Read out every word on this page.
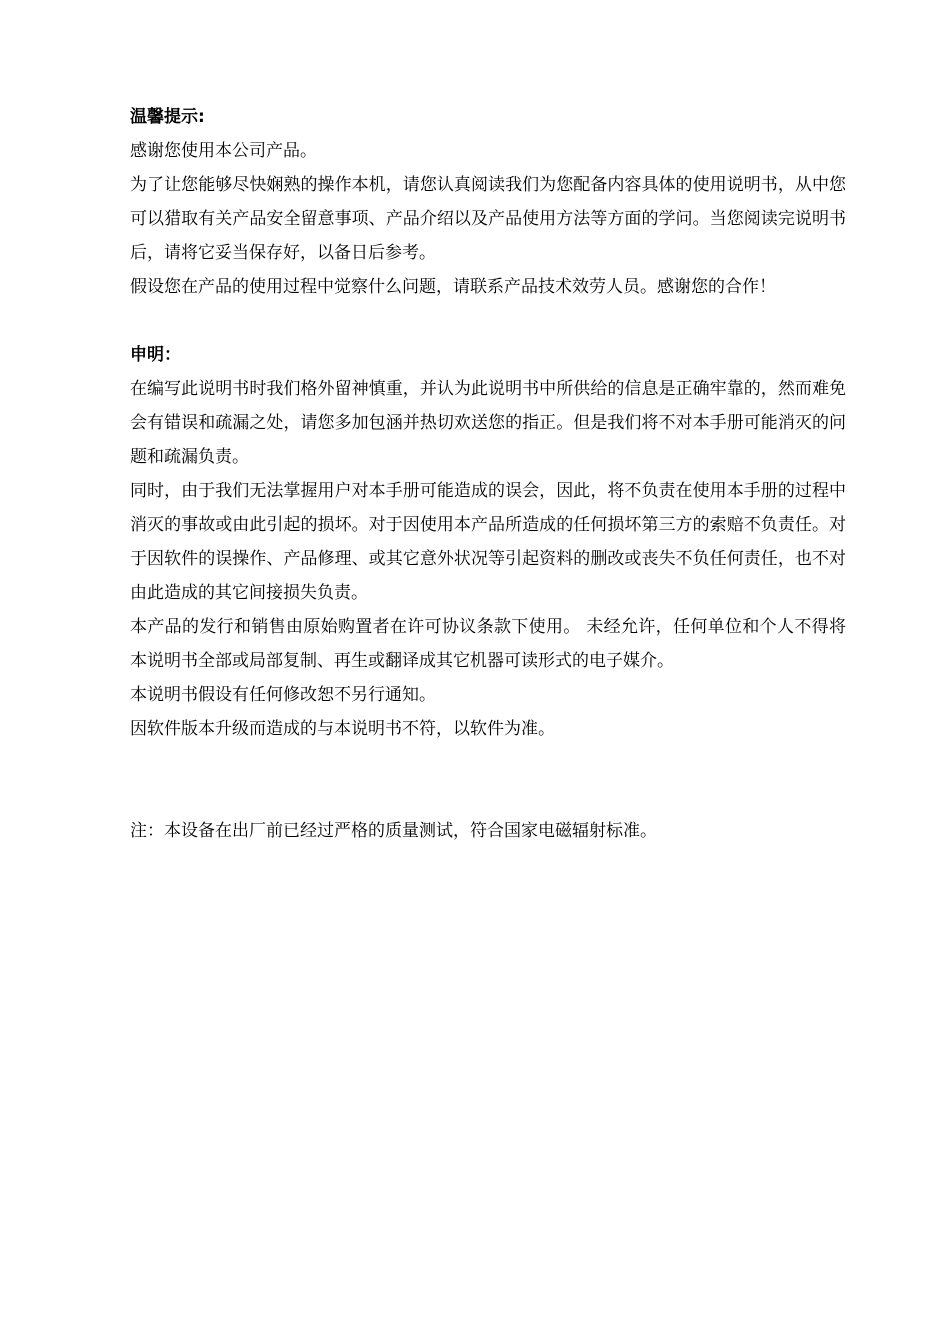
温馨提示:

感谢您使用本公司产品。

为了让您能够尽快娴熟的操作本机，请您认真阅读我们为您配备内容具体的使用说明书，从中您可以猎取有关产品安全留意事项、产品介绍以及产品使用方法等方面的学问。当您阅读完说明书后，请将它妥当保存好，以备日后参考。

假设您在产品的使用过程中觉察什么问题，请联系产品技术效劳人员。感谢您的合作！

申明：

在编写此说明书时我们格外留神慎重，并认为此说明书中所供给的信息是正确牢靠的，然而难免会有错误和疏漏之处，请您多加包涵并热切欢送您的指正。但是我们将不对本手册可能消灭的问题和疏漏负责。

同时，由于我们无法掌握用户对本手册可能造成的误会，因此，将不负责在使用本手册的过程中消灭的事故或由此引起的损坏。对于因使用本产品所造成的任何损坏第三方的索赔不负责任。对于因软件的误操作、产品修理、或其它意外状况等引起资料的删改或丧失不负任何责任，也不对由此造成的其它间接损失负责。

本产品的发行和销售由原始购置者在许可协议条款下使用。 未经允许，任何单位和个人不得将本说明书全部或局部复制、再生或翻译成其它机器可读形式的电子媒介。

本说明书假设有任何修改恕不另行通知。

因软件版本升级而造成的与本说明书不符，以软件为准。

注：本设备在出厂前已经过严格的质量测试，符合国家电磁辐射标准。
